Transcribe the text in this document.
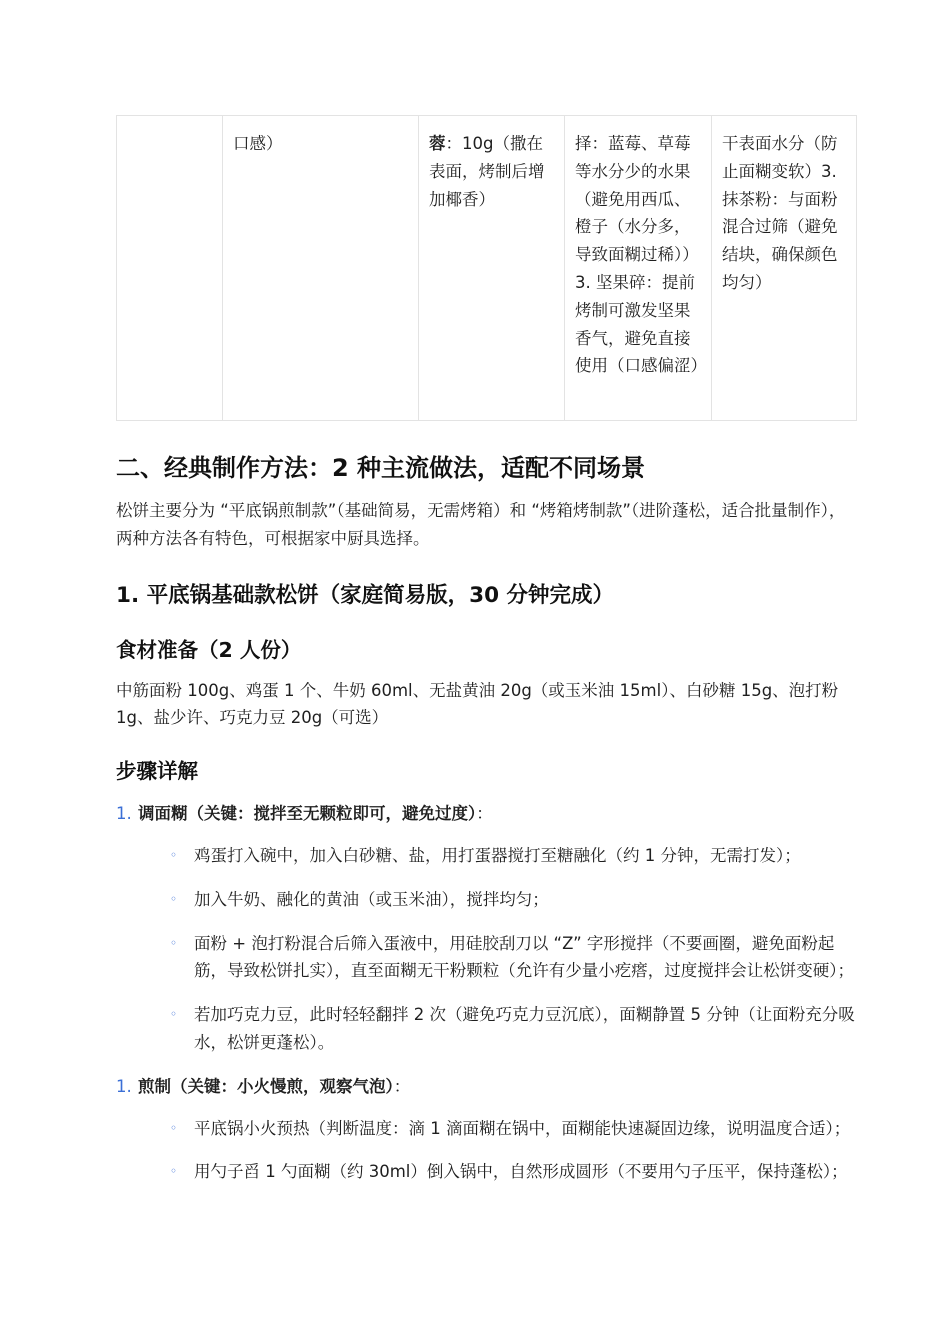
	口感）	蓉：10g（撒在表面，烤制后增加椰香）	择：蓝莓、草莓等水分少的水果（避免用西瓜、橙子（水分多，导致面糊过稀））3. 坚果碎：提前烤制可激发坚果香气，避免直接使用（口感偏涩）	干表面水分（防止面糊变软）3. 抹茶粉：与面粉混合过筛（避免结块，确保颜色均匀）
二、经典制作方法：2 种主流做法，适配不同场景

松饼主要分为 “平底锅煎制款”（基础简易，无需烤箱）和 “烤箱烤制款”（进阶蓬松，适合批量制作），两种方法各有特色，可根据家中厨具选择。

1. 平底锅基础款松饼（家庭简易版，30 分钟完成）
食材准备（2 人份）

中筋面粉 100g、鸡蛋 1 个、牛奶 60ml、无盐黄油 20g（或玉米油 15ml）、白砂糖 15g、泡打粉 1g、盐少许、巧克力豆 20g（可选）

步骤详解
1. 调面糊（关键：搅拌至无颗粒即可，避免过度）：
◦ 鸡蛋打入碗中，加入白砂糖、盐，用打蛋器搅打至糖融化（约 1 分钟，无需打发）；
◦ 加入牛奶、融化的黄油（或玉米油），搅拌均匀；
◦ 面粉 + 泡打粉混合后筛入蛋液中，用硅胶刮刀以 “Z” 字形搅拌（不要画圈，避免面粉起筋，导致松饼扎实），直至面糊无干粉颗粒（允许有少量小疙瘩，过度搅拌会让松饼变硬）；
◦ 若加巧克力豆，此时轻轻翻拌 2 次（避免巧克力豆沉底），面糊静置 5 分钟（让面粉充分吸水，松饼更蓬松）。
1. 煎制（关键：小火慢煎，观察气泡）：
◦ 平底锅小火预热（判断温度：滴 1 滴面糊在锅中，面糊能快速凝固边缘，说明温度合适）；
◦ 用勺子舀 1 勺面糊（约 30ml）倒入锅中，自然形成圆形（不要用勺子压平，保持蓬松）；
